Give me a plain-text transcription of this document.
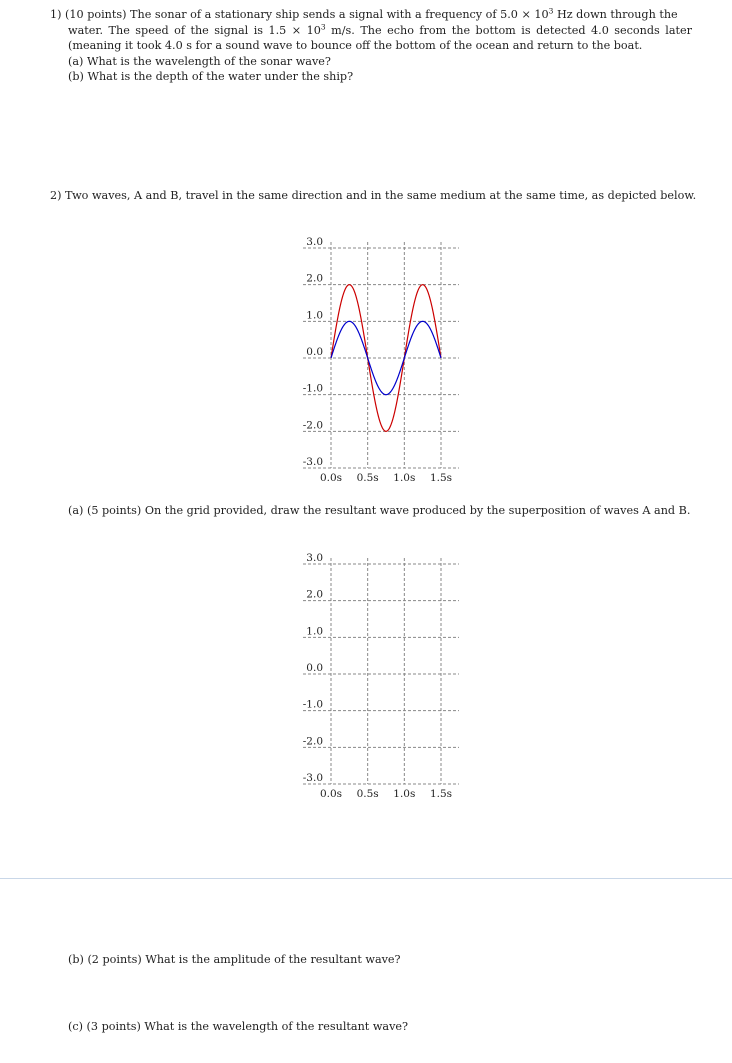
1) (10 points) The sonar of a stationary ship sends a signal with a frequency of $5.0 \times 10^3$ Hz down through the
water. The speed of the signal is $1.5 \times 10^3$ m/s. The echo from the bottom is detected 4.0 seconds later
(meaning it took 4.0 s for a sound wave to bounce off the bottom of the ocean and return to the boat.
(a) What is the wavelength of the sonar wave?
(b) What is the depth of the water under the ship?
2) Two waves, A and B, travel in the same direction and in the same medium at the same time, as depicted below.
3.0
2.0
1.0
0.0
-1.0
-2.0
-3.0
0.0s 0.5s 1.0s 1.5s
(a) (5 points) On the grid provided, draw the resultant wave produced by the superposition of waves A and B.
3.0
2.0
1.0
0.0
-1.0
-2.0
-3.0
0.0s 0.5s 1.0s 1.5s
(b) (2 points) What is the amplitude of the resultant wave?
(c) (3 points) What is the wavelength of the resultant wave?
